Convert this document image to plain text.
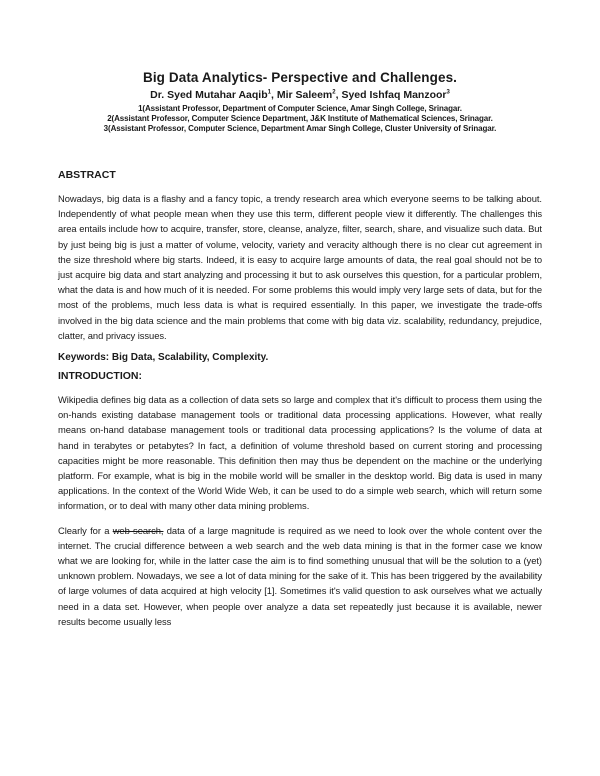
Big Data Analytics- Perspective and Challenges.
Dr. Syed Mutahar Aaqib$^1$, Mir Saleem$^2$, Syed Ishfaq Manzoor$^3$
1(Assistant Professor, Department of Computer Science, Amar Singh College, Srinagar.
2(Assistant Professor, Computer Science Department, J&K Institute of Mathematical Sciences, Srinagar.
3(Assistant Professor, Computer Science, Department Amar Singh College, Cluster University of Srinagar.
ABSTRACT

Nowadays, big data is a flashy and a fancy topic, a trendy research area which everyone seems to be talking about. Independently of what people mean when they use this term, different people view it differently. The challenges this area entails include how to acquire, transfer, store, cleanse, analyze, filter, search, share, and visualize such data. But by just being big is just a matter of volume, velocity, variety and veracity although there is no clear cut agreement in the size threshold where big starts. Indeed, it is easy to acquire large amounts of data, the real goal should not be to just acquire big data and start analyzing and processing it but to ask ourselves this question, for a particular problem, what the data is and how much of it is needed. For some problems this would imply very large sets of data, but for the most of the problems, much less data is what is required essentially. In this paper, we investigate the trade-offs involved in the big data science and the main problems that come with big data viz. scalability, redundancy, prejudice, clatter, and privacy issues.

Keywords: Big Data, Scalability, Complexity.
INTRODUCTION:

Wikipedia defines big data as a collection of data sets so large and complex that it's difficult to process them using the on-hands existing database management tools or traditional data processing applications. However, what really means on-hand database management tools or traditional data processing applications? Is the volume of data at hand in terabytes or petabytes? In fact, a definition of volume threshold based on current storing and processing capacities might be more reasonable. This definition then may thus be dependent on the machine or the underlying platform. For example, what is big in the mobile world will be smaller in the desktop world. Big data is used in many applications. In the context of the World Wide Web, it can be used to do a simple web search, which will return some information, or to deal with many other data mining problems.

Clearly for a web search, data of a large magnitude is required as we need to look over the whole content over the internet. The crucial difference between a web search and the web data mining is that in the former case we know what we are looking for, while in the latter case the aim is to find something unusual that will be the solution to a (yet) unknown problem. Nowadays, we see a lot of data mining for the sake of it. This has been triggered by the availability of large volumes of data acquired at high velocity [1]. Sometimes it's valid question to ask ourselves what we actually need in a data set. However, when people over analyze a data set repeatedly just because it is available, newer results become usually less
